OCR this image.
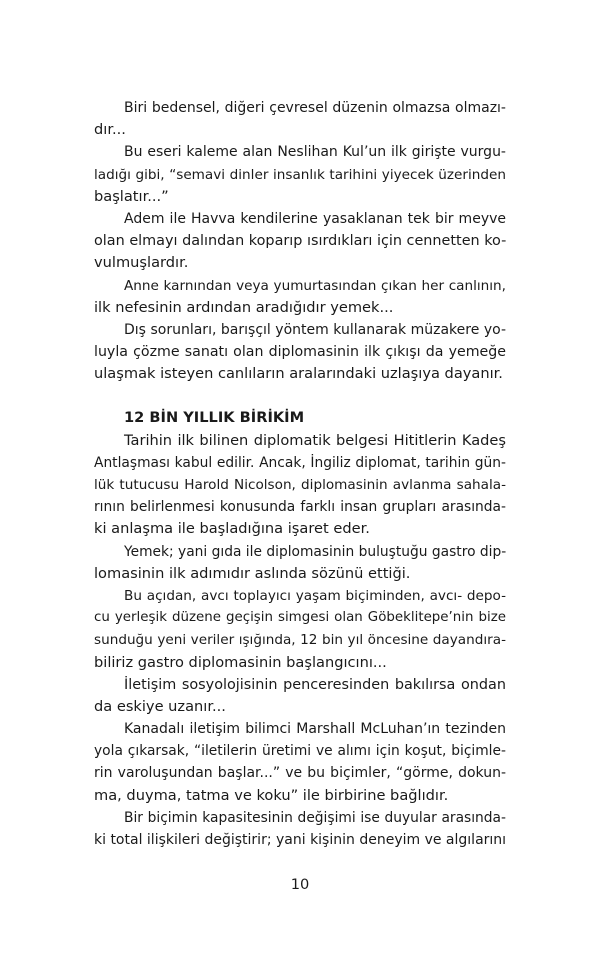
Biri bedensel, diğeri çevresel düzenin olmazsa olmazı-
dır...
Bu eseri kaleme alan Neslihan Kul’un ilk girişte vurgu-
ladığı gibi, “semavi dinler insanlık tarihini yiyecek üzerinden
başlatır...”
Adem ile Havva kendilerine yasaklanan tek bir meyve
olan elmayı dalından koparıp ısırdıkları için cennetten ko-
vulmuşlardır.
Anne karnından veya yumurtasından çıkan her canlının,
ilk nefesinin ardından aradığıdır yemek...
Dış sorunları, barışçıl yöntem kullanarak müzakere yo-
luyla çözme sanatı olan diplomasinin ilk çıkışı da yemeğe
ulaşmak isteyen canlıların aralarındaki uzlaşıya dayanır.
12 BİN YILLIK BİRİKİM
Tarihin ilk bilinen diplomatik belgesi Hititlerin Kadeş
Antlaşması kabul edilir. Ancak, İngiliz diplomat, tarihin gün-
lük tutucusu Harold Nicolson, diplomasinin avlanma sahala-
rının belirlenmesi konusunda farklı insan grupları arasında-
ki anlaşma ile başladığına işaret eder.
Yemek; yani gıda ile diplomasinin buluştuğu gastro dip-
lomasinin ilk adımıdır aslında sözünü ettiği.
Bu açıdan, avcı toplayıcı yaşam biçiminden, avcı- depo-
cu yerleşik düzene geçişin simgesi olan Göbeklitepe’nin bize
sunduğu yeni veriler ışığında, 12 bin yıl öncesine dayandıra-
biliriz gastro diplomasinin başlangıcını...
İletişim sosyolojisinin penceresinden bakılırsa ondan
da eskiye uzanır...
Kanadalı iletişim bilimci Marshall McLuhan’ın tezinden
yola çıkarsak, “iletilerin üretimi ve alımı için koşut, biçimle-
rin varoluşundan başlar...” ve bu biçimler, “görme, dokun-
ma, duyma, tatma ve koku” ile birbirine bağlıdır.
Bir biçimin kapasitesinin değişimi ise duyular arasında-
ki total ilişkileri değiştirir; yani kişinin deneyim ve algılarını
10
